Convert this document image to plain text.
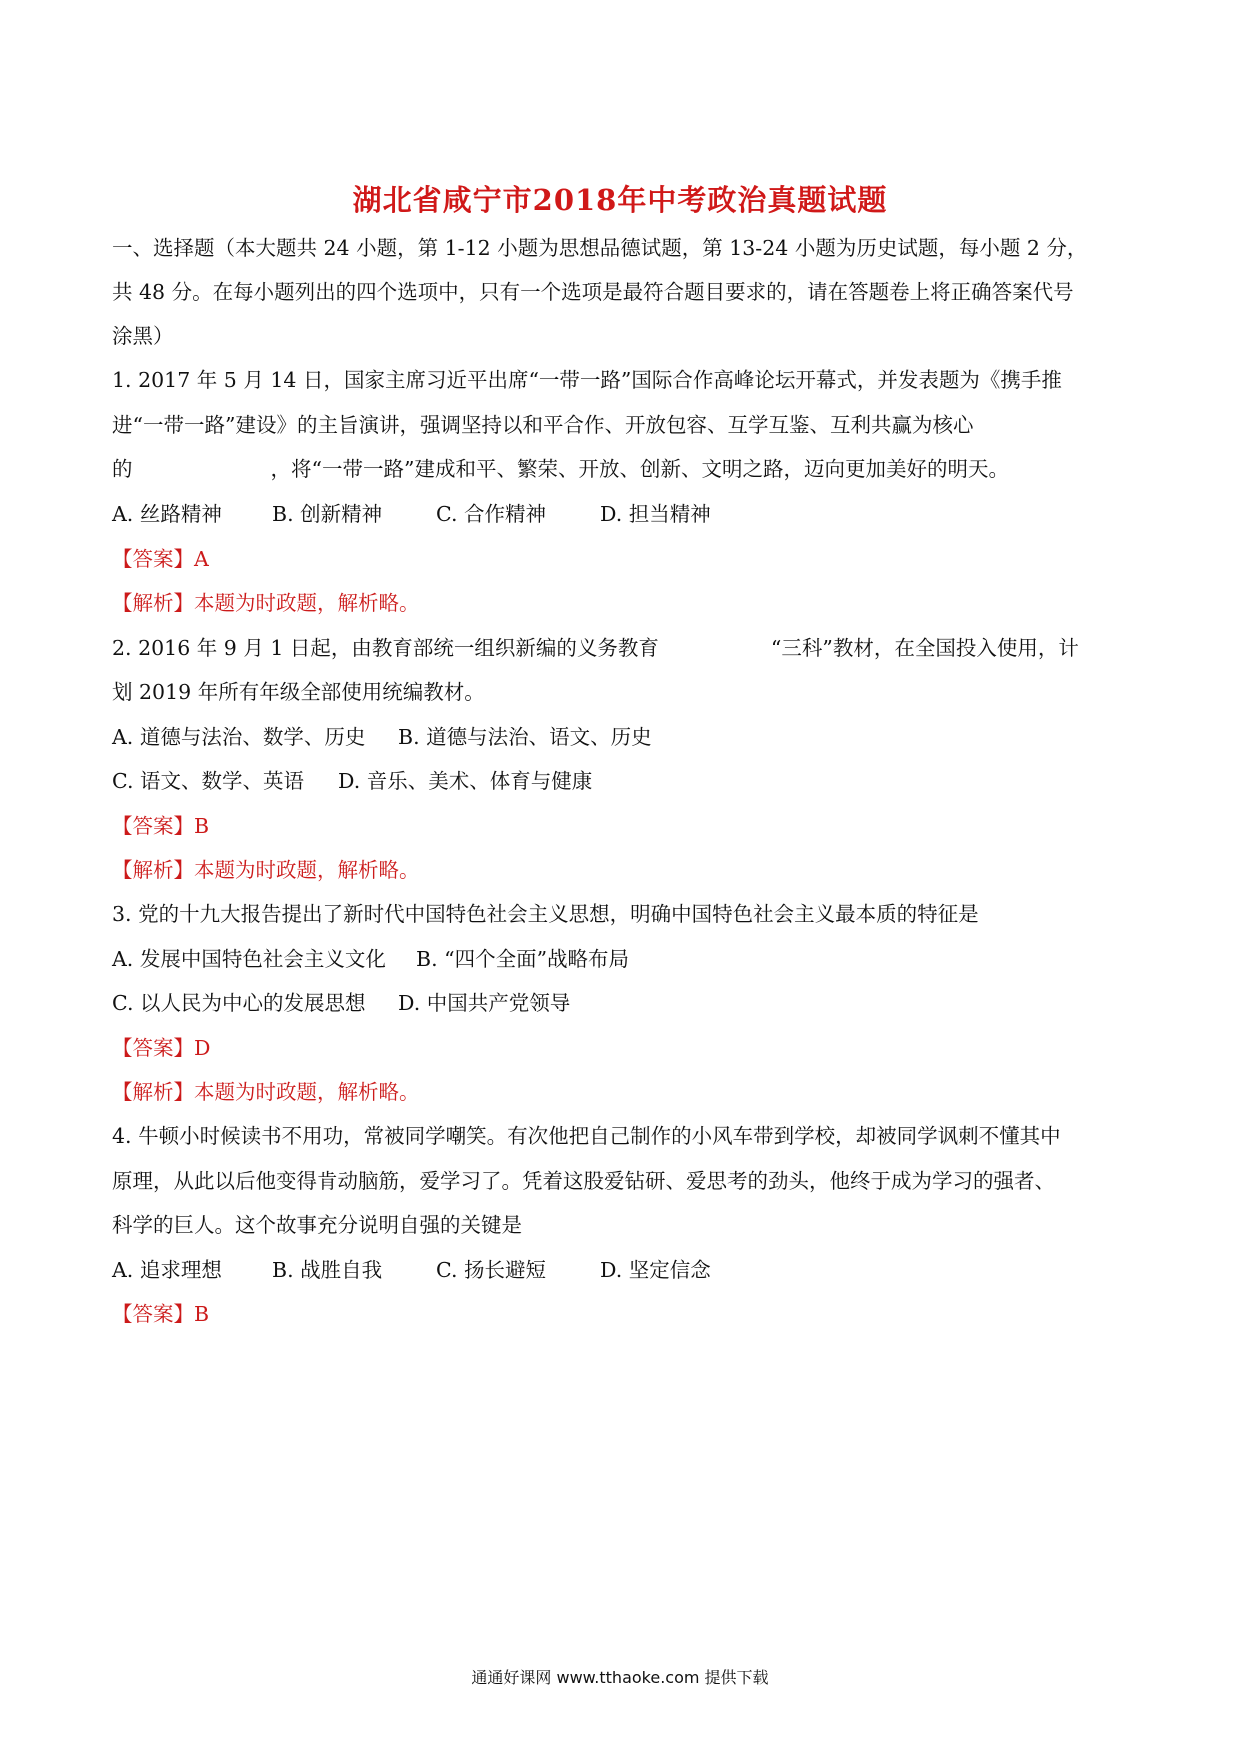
湖北省咸宁市2018年中考政治真题试题
一、选择题（本大题共 24 小题，第 1-12 小题为思想品德试题，第 13-24 小题为历史试题，每小题 2 分，
共 48 分。在每小题列出的四个选项中，只有一个选项是最符合题目要求的，请在答题卷上将正确答案代号
涂黑）
1. 2017 年 5 月 14 日，国家主席习近平出席“一带一路”国际合作高峰论坛开幕式，并发表题为《携手推
进“一带一路”建设》的主旨演讲，强调坚持以和平合作、开放包容、互学互鉴、互利共赢为核心
的	，将“一带一路”建成和平、繁荣、开放、创新、文明之路，迈向更加美好的明天。
A. 丝路精神 B. 创新精神	C. 合作精神	D. 担当精神
【答案】A
【解析】本题为时政题，解析略。
2. 2016 年 9 月 1 日起，由教育部统一组织新编的义务教育	“三科”教材，在全国投入使用，计
划 2019 年所有年级全部使用统编教材。
A. 道德与法治、数学、历史 B. 道德与法治、语文、历史
C. 语文、数学、英语 D. 音乐、美术、体育与健康
【答案】B
【解析】本题为时政题，解析略。
3. 党的十九大报告提出了新时代中国特色社会主义思想，明确中国特色社会主义最本质的特征是
A. 发展中国特色社会主义文化 B. “四个全面”战略布局
C. 以人民为中心的发展思想 D. 中国共产党领导
【答案】D
【解析】本题为时政题，解析略。
4. 牛顿小时候读书不用功，常被同学嘲笑。有次他把自己制作的小风车带到学校，却被同学讽刺不懂其中
原理，从此以后他变得肯动脑筋，爱学习了。凭着这股爱钻研、爱思考的劲头，他终于成为学习的强者、
科学的巨人。这个故事充分说明自强的关键是
A. 追求理想 B. 战胜自我	C. 扬长避短	D. 坚定信念
【答案】B
通通好课网 www.tthaoke.com 提供下载
